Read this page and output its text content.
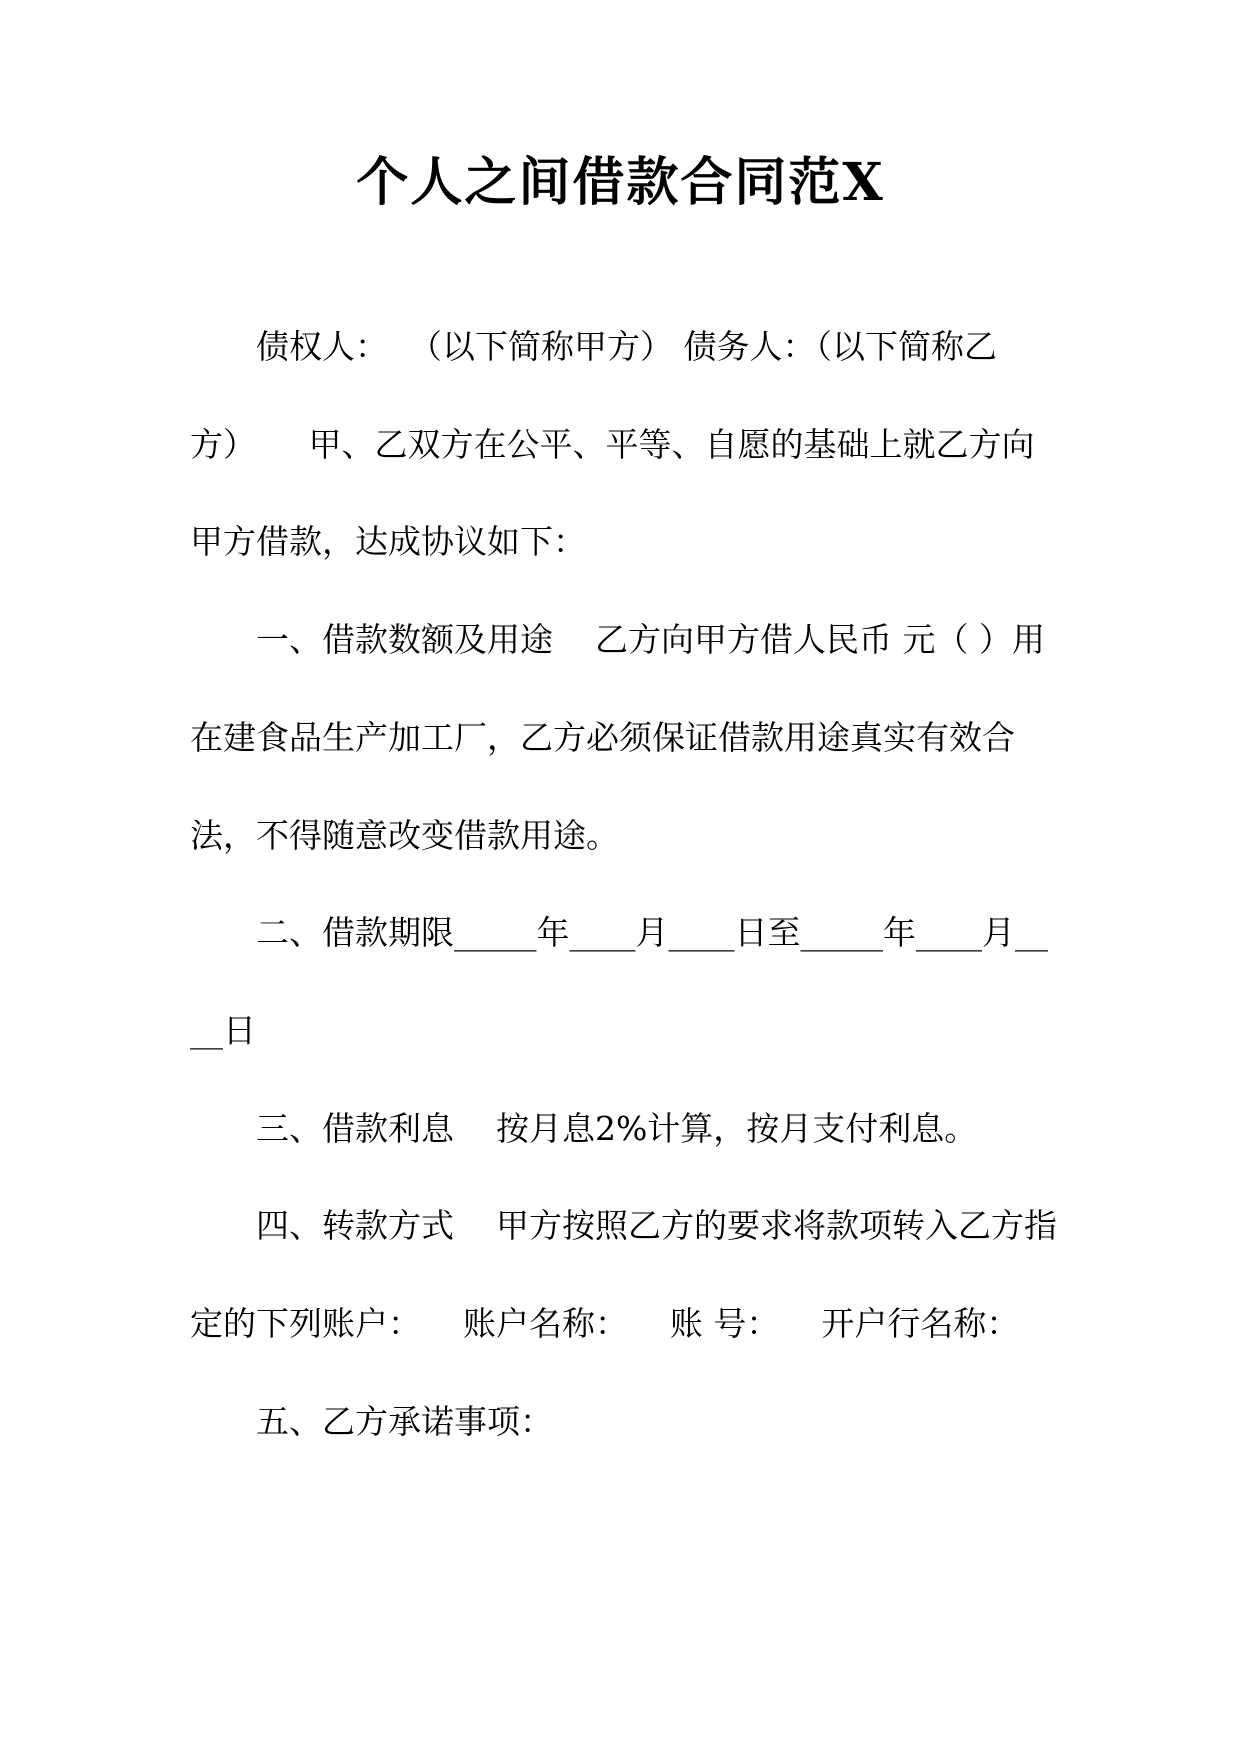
个人之间借款合同范X

债权人：  （以下简称甲方） 债务人：（以下简称乙方）     甲、乙双方在公平、平等、自愿的基础上就乙方向甲方借款，达成协议如下：

一、借款数额及用途    乙方向甲方借人民币 元（ ）用在建食品生产加工厂，乙方必须保证借款用途真实有效合法，不得随意改变借款用途。

二、借款期限_____年____月____日至_____年____月____日

三、借款利息    按月息2%计算，按月支付利息。

四、转款方式    甲方按照乙方的要求将款项转入乙方指定的下列账户：    账户名称：    账 号：    开户行名称：

五、乙方承诺事项：
